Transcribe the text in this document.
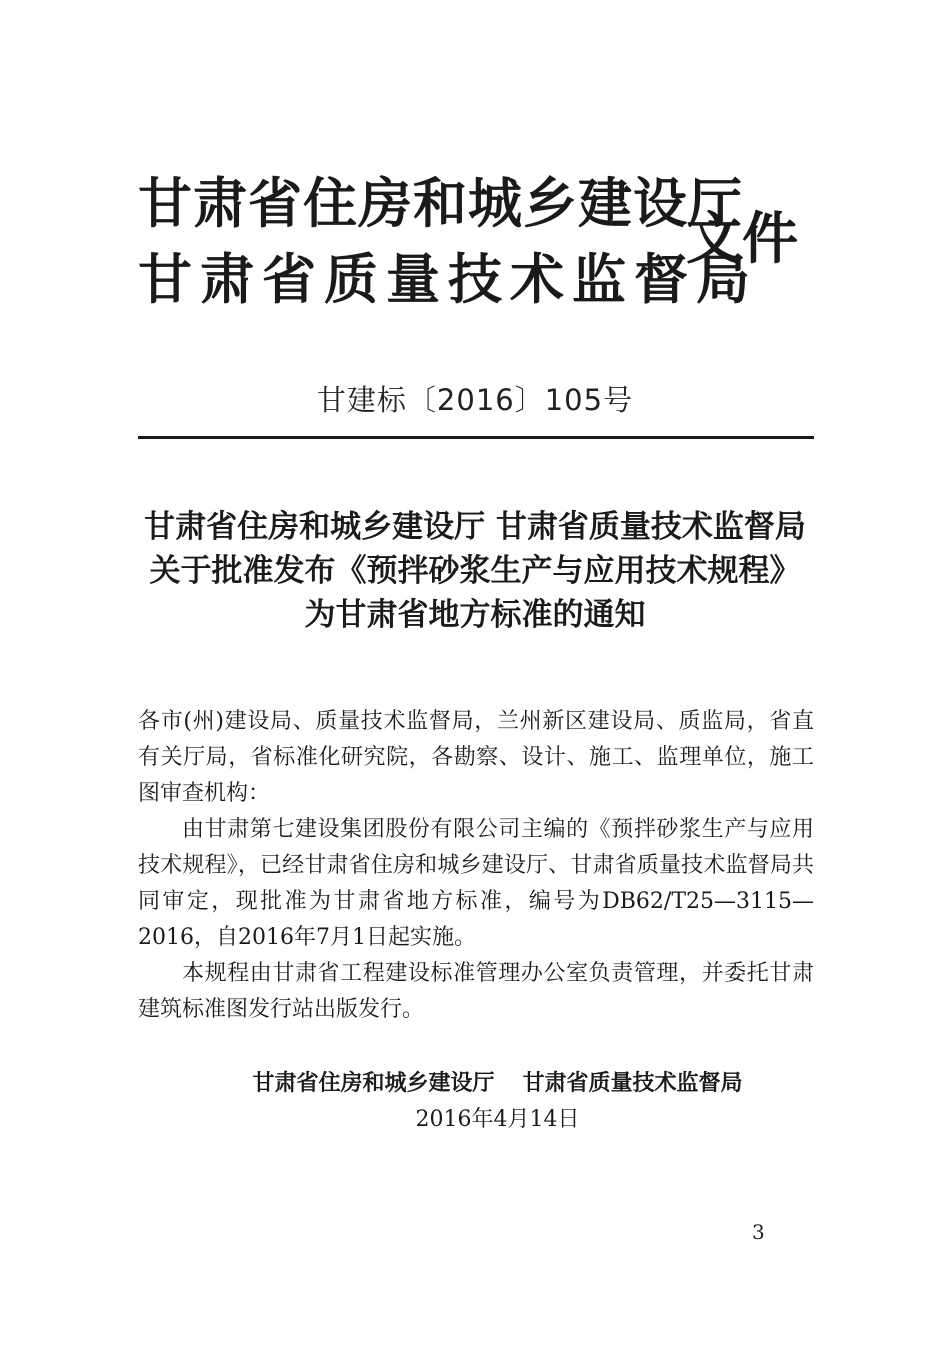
甘肃省住房和城乡建设厅
甘肃省质量技术监督局
文件
甘建标〔2016〕105号
甘肃省住房和城乡建设厅 甘肃省质量技术监督局
关于批准发布《预拌砂浆生产与应用技术规程》
为甘肃省地方标准的通知

各市(州)建设局、质量技术监督局，兰州新区建设局、质监局，省直有关厅局，省标准化研究院，各勘察、设计、施工、监理单位，施工图审查机构：

由甘肃第七建设集团股份有限公司主编的《预拌砂浆生产与应用技术规程》，已经甘肃省住房和城乡建设厅、甘肃省质量技术监督局共同审定，现批准为甘肃省地方标准，编号为DB62/T25—3115—2016，自2016年7月1日起实施。

本规程由甘肃省工程建设标准管理办公室负责管理，并委托甘肃建筑标准图发行站出版发行。

甘肃省住房和城乡建设厅 甘肃省质量技术监督局
2016年4月14日
3
